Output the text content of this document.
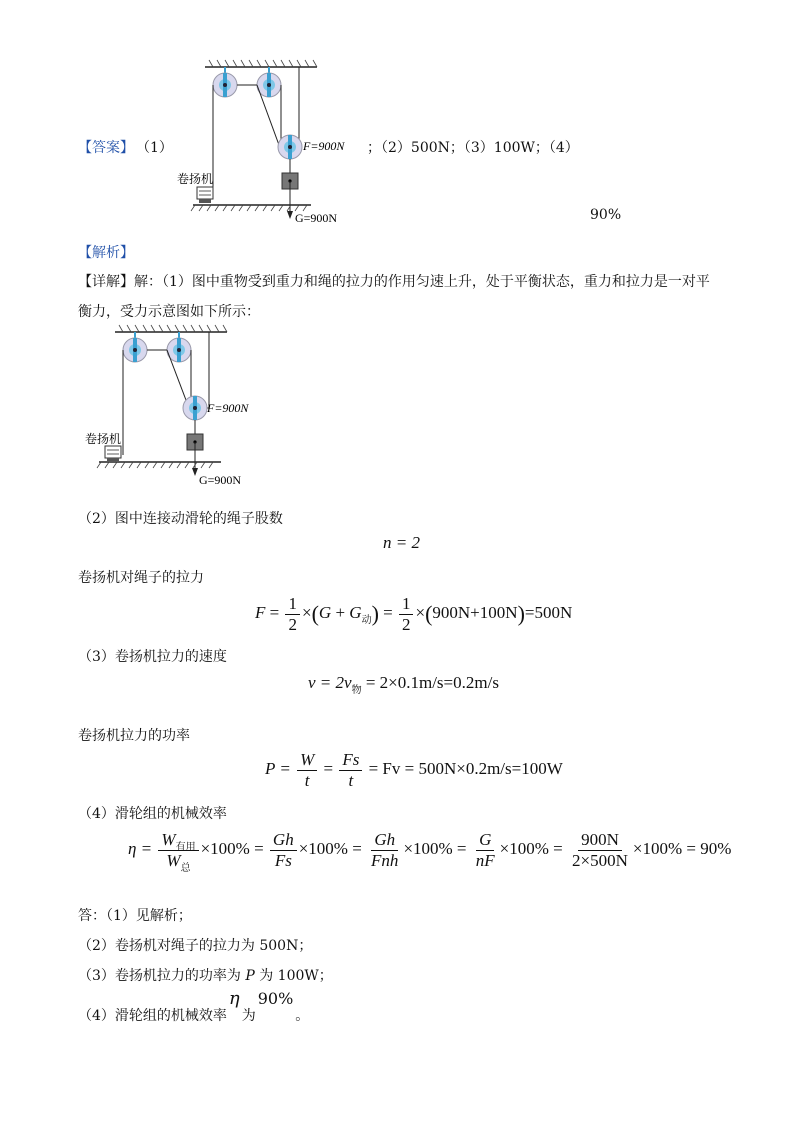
【答案】 （1）
卷扬机
F=900N
G=900N
；（2）500N；（3）100W；（4）
90%
【解析】
【详解】解：（1）图中重物受到重力和绳的拉力的作用匀速上升，处于平衡状态，重力和拉力是一对平
衡力，受力示意图如下所示：
卷扬机
F=900N
G=900N
（2）图中连接动滑轮的绳子股数
n = 2
卷扬机对绳子的拉力
$F = \frac{1}{2} \times(G + G_动) = \frac{1}{2} \times(900N+100N)=500N$
（3）卷扬机拉力的速度
$v = 2v_物 = 2\times 0.1m/s=0.2m/s$
卷扬机拉力的功率
$P = \frac{W}{t} = \frac{Fs}{t} = Fv = 500N\times 0.2m/s=100W$
（4）滑轮组的机械效率
$\eta = \frac{W_{有用}}{W_总} \times 100\% = \frac{Gh}{Fs} \times 100\% = \frac{Gh}{\text{Fnh}} \times 100\% = \frac{G}{nF} \times 100\% = \frac{900N}{2\times 500N} \times 100\% = 90\%$
答：（1）见解析；
（2）卷扬机对绳子的拉力为 500N；
（3）卷扬机拉力的功率为 P 为 100W；
（4）滑轮组的机械效率η为90%。
